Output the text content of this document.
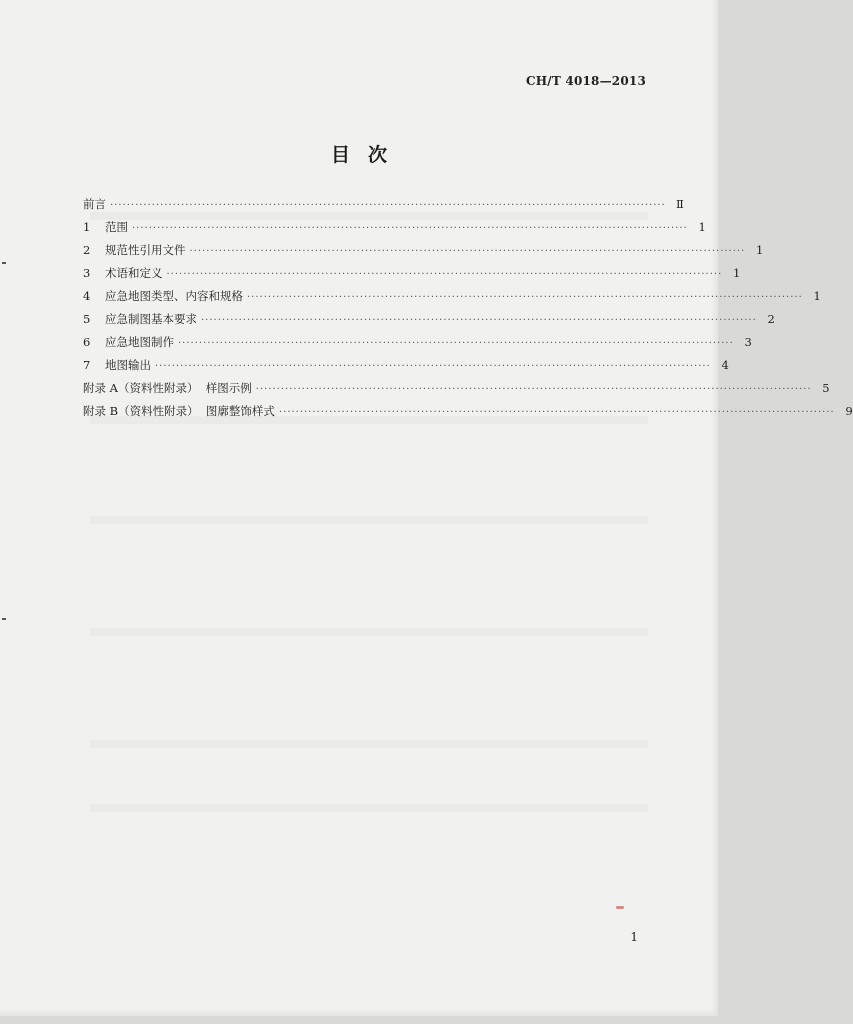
CH/T 4018—2013
目次
前言 ····································································································································· Ⅱ
1	范围 ····································································································································· 1
2	规范性引用文件 ····································································································································· 1
3	术语和定义 ····································································································································· 1
4	应急地图类型、内容和规格 ····································································································································· 1
5	应急制图基本要求 ····································································································································· 2
6	应急地图制作 ····································································································································· 3
7	地图输出 ····································································································································· 4
附录 A（资料性附录）  样图示例 ····································································································································· 5
附录 B（资料性附录）  图廓整饰样式 ····································································································································· 9
1
